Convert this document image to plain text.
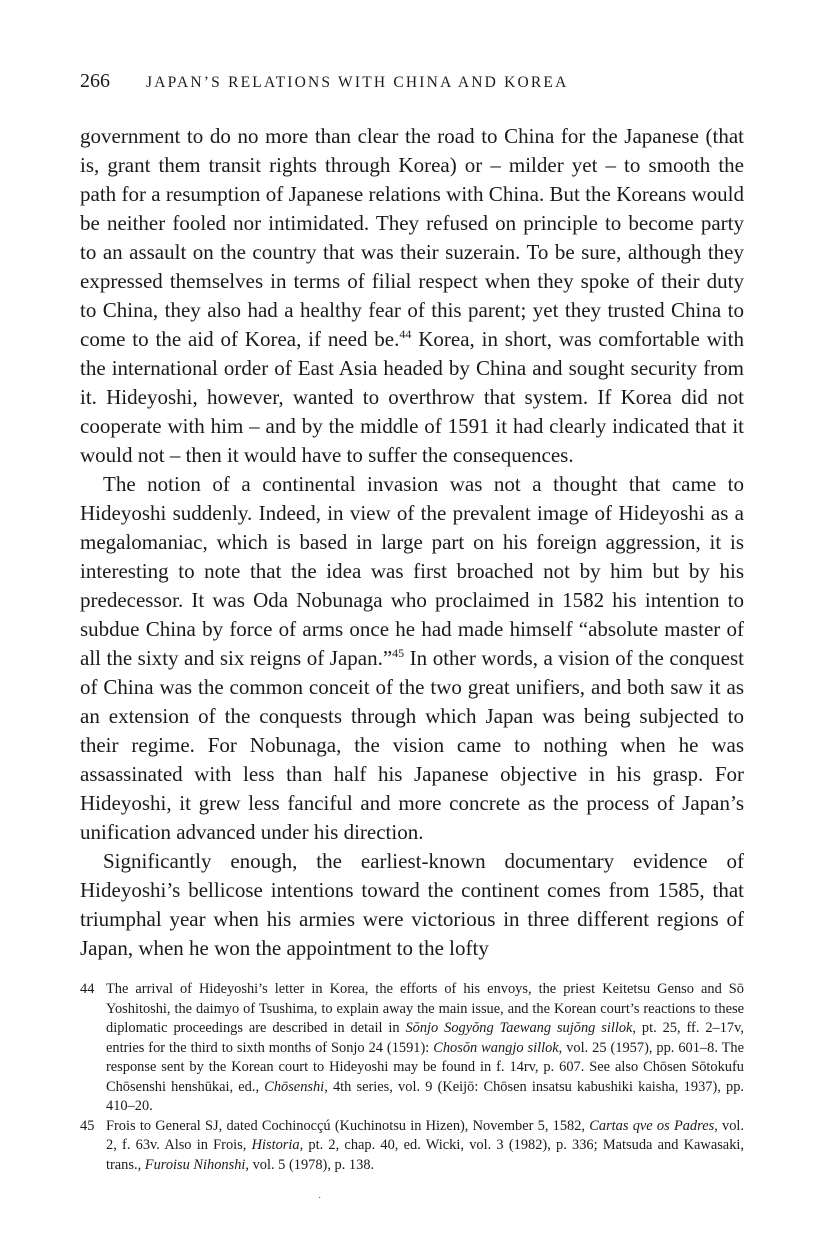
266 JAPAN’S RELATIONS WITH CHINA AND KOREA

government to do no more than clear the road to China for the Japanese (that is, grant them transit rights through Korea) or – milder yet – to smooth the path for a resumption of Japanese relations with China. But the Koreans would be neither fooled nor intimidated. They refused on principle to become party to an assault on the country that was their suzerain. To be sure, although they expressed themselves in terms of filial respect when they spoke of their duty to China, they also had a healthy fear of this parent; yet they trusted China to come to the aid of Korea, if need be.$^{44}$ Korea, in short, was comfortable with the international order of East Asia headed by China and sought security from it. Hideyoshi, however, wanted to overthrow that system. If Korea did not cooperate with him – and by the middle of 1591 it had clearly indicated that it would not – then it would have to suffer the consequences.

The notion of a continental invasion was not a thought that came to Hideyoshi suddenly. Indeed, in view of the prevalent image of Hideyoshi as a megalomaniac, which is based in large part on his foreign aggression, it is interesting to note that the idea was first broached not by him but by his predecessor. It was Oda Nobunaga who proclaimed in 1582 his intention to subdue China by force of arms once he had made himself “absolute master of all the sixty and six reigns of Japan.”$^{45}$ In other words, a vision of the conquest of China was the common conceit of the two great unifiers, and both saw it as an extension of the conquests through which Japan was being subjected to their regime. For Nobunaga, the vision came to nothing when he was assassinated with less than half his Japanese objective in his grasp. For Hideyoshi, it grew less fanciful and more concrete as the process of Japan’s unification advanced under his direction.

Significantly enough, the earliest-known documentary evidence of Hideyoshi’s bellicose intentions toward the continent comes from 1585, that triumphal year when his armies were victorious in three different regions of Japan, when he won the appointment to the lofty

44 The arrival of Hideyoshi’s letter in Korea, the efforts of his envoys, the priest Keitetsu Genso and Sō Yoshitoshi, the daimyo of Tsushima, to explain away the main issue, and the Korean court’s reactions to these diplomatic proceedings are described in detail in Sŏnjo Sogyŏng Taewang sujŏng sillok, pt. 25, ff. 2–17v, entries for the third to sixth months of Sonjo 24 (1591): Chosŏn wangjo sillok, vol. 25 (1957), pp. 601–8. The response sent by the Korean court to Hideyoshi may be found in f. 14rv, p. 607. See also Chōsen Sōtokufu Chōsenshi henshūkai, ed., Chōsenshi, 4th series, vol. 9 (Keijō: Chōsen insatsu kabushiki kaisha, 1937), pp. 410–20.
45 Frois to General SJ, dated Cochinocçú (Kuchinotsu in Hizen), November 5, 1582, Cartas qve os Padres, vol. 2, f. 63v. Also in Frois, Historia, pt. 2, chap. 40, ed. Wicki, vol. 3 (1982), p. 336; Matsuda and Kawasaki, trans., Furoisu Nihonshi, vol. 5 (1978), p. 138.
·
